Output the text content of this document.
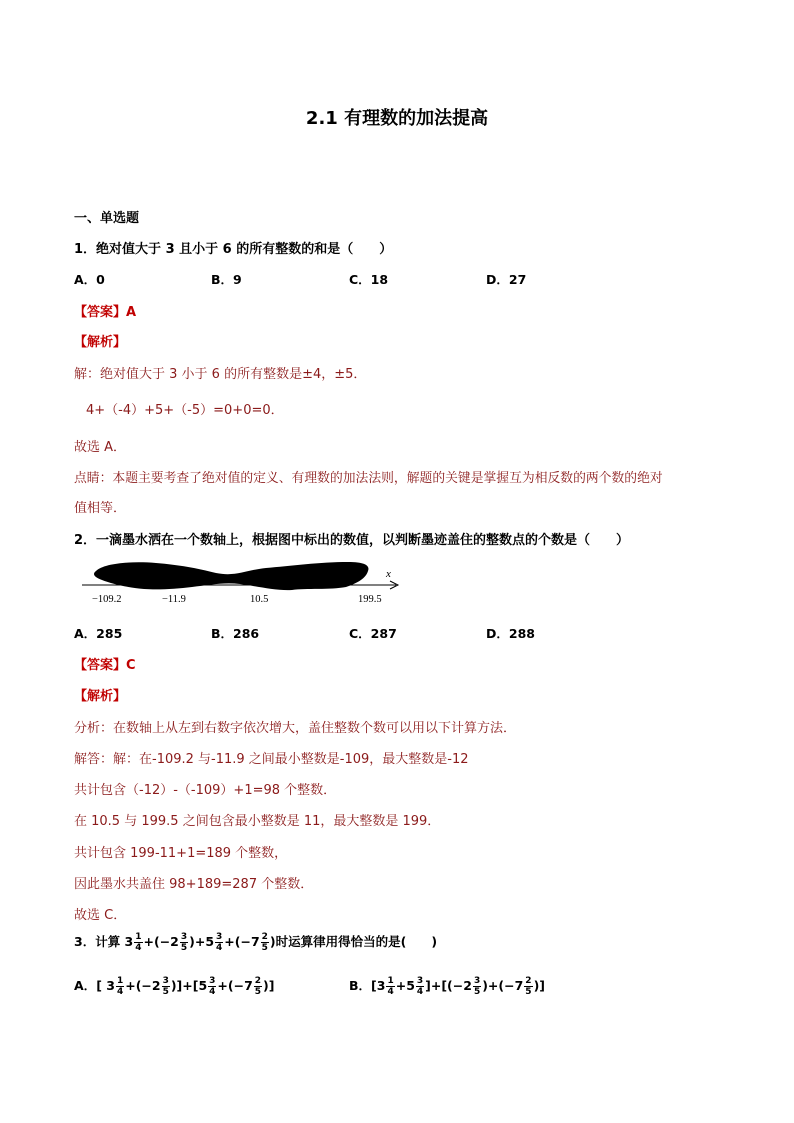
2.1 有理数的加法提高
一、单选题
1．绝对值大于 3 且小于 6 的所有整数的和是（　　）
A．0	B．9	C．18	D．27
【答案】A
【解析】
解：绝对值大于 3 小于 6 的所有整数是±4，±5．
4+（-4）+5+（-5）=0+0=0．
故选 A．
点睛：本题主要考查了绝对值的定义、有理数的加法法则，解题的关键是掌握互为相反数的两个数的绝对
值相等．
2．一滴墨水洒在一个数轴上，根据图中标出的数值，以判断墨迹盖住的整数点的个数是（　　）
x
−109.2	−11.9	10.5	199.5
A．285	B．286	C．287	D．288
【答案】C
【解析】
分析：在数轴上从左到右数字依次增大，盖住整数个数可以用以下计算方法．
解答：解：在-109.2 与-11.9 之间最小整数是-109，最大整数是-12
共计包含（-12）-（-109）+1=98 个整数．
在 10.5 与 199.5 之间包含最小整数是 11，最大整数是 199．
共计包含 199-11+1=189 个整数，
因此墨水共盖住 98+189=287 个整数．
故选 C．
3．计算 $3 \frac{1}{4} +(-2 \frac{3}{5} )+5 \frac{3}{4} +(-7 \frac{2}{5}$ )时运算律用得恰当的是(　　)
A．[ $3 \frac{1}{4} +(-2 \frac{3}{5} )]+[5 \frac{3}{4} +(-7 \frac{2}{5}$ )]	B．$[3 \frac{1}{4} +5 \frac{3}{4} ]+[(-2 \frac{3}{5} )+(-7 \frac{2}{5}$ )]
